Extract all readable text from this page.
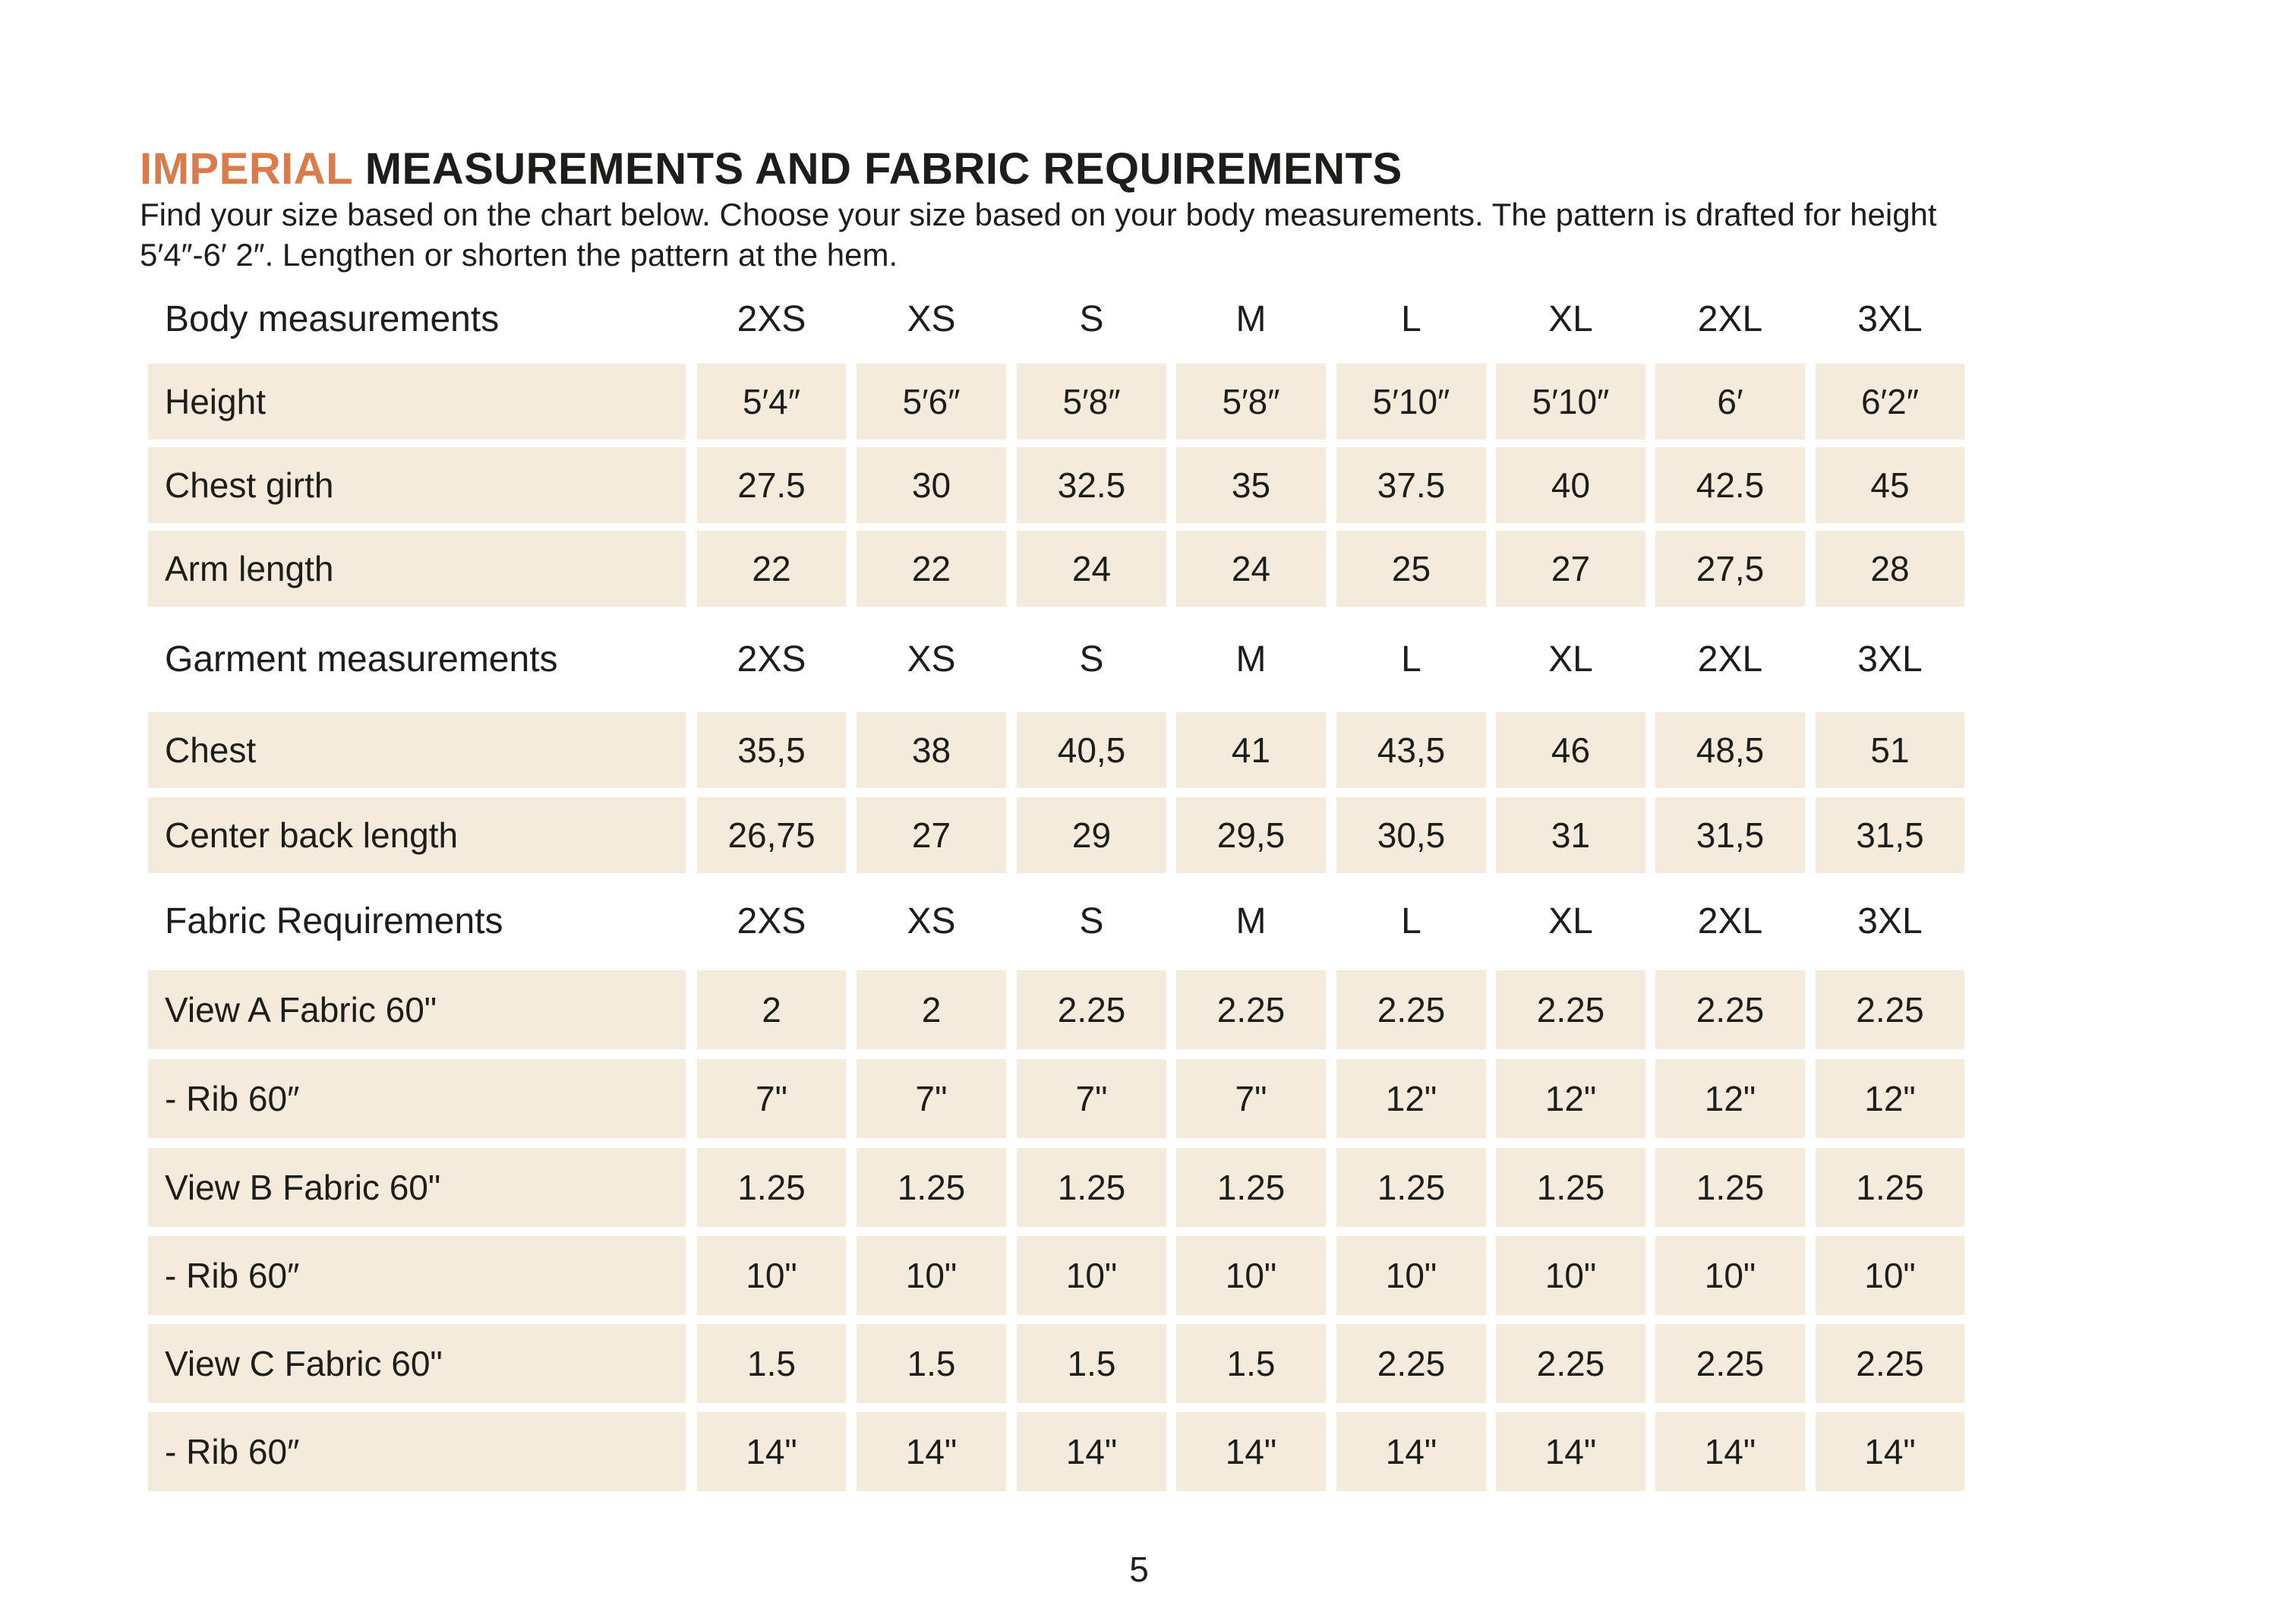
IMPERIAL MEASUREMENTS AND FABRIC REQUIREMENTS

Find your size based on the chart below. Choose your size based on your body measurements. The pattern is drafted for height

5′4″-6′ 2″. Lengthen or shorten the pattern at the hem.

Body measurements	2XS	XS	S	M	L	XL	2XL	3XL
Height	5′4″	5′6″	5′8″	5′8″	5′10″	5′10″	6′	6′2″
Chest girth	27.5	30	32.5	35	37.5	40	42.5	45
Arm length	22	22	24	24	25	27	27,5	28
Garment measurements	2XS	XS	S	M	L	XL	2XL	3XL
Chest	35,5	38	40,5	41	43,5	46	48,5	51
Center back length	26,75	27	29	29,5	30,5	31	31,5	31,5
Fabric Requirements	2XS	XS	S	M	L	XL	2XL	3XL
View A Fabric 60"	2	2	2.25	2.25	2.25	2.25	2.25	2.25
- Rib 60″	7"	7"	7"	7"	12"	12"	12"	12"
View B Fabric 60"	1.25	1.25	1.25	1.25	1.25	1.25	1.25	1.25
- Rib 60″	10"	10"	10"	10"	10"	10"	10"	10"
View C Fabric 60"	1.5	1.5	1.5	1.5	2.25	2.25	2.25	2.25
- Rib 60″	14"	14"	14"	14"	14"	14"	14"	14"
5
